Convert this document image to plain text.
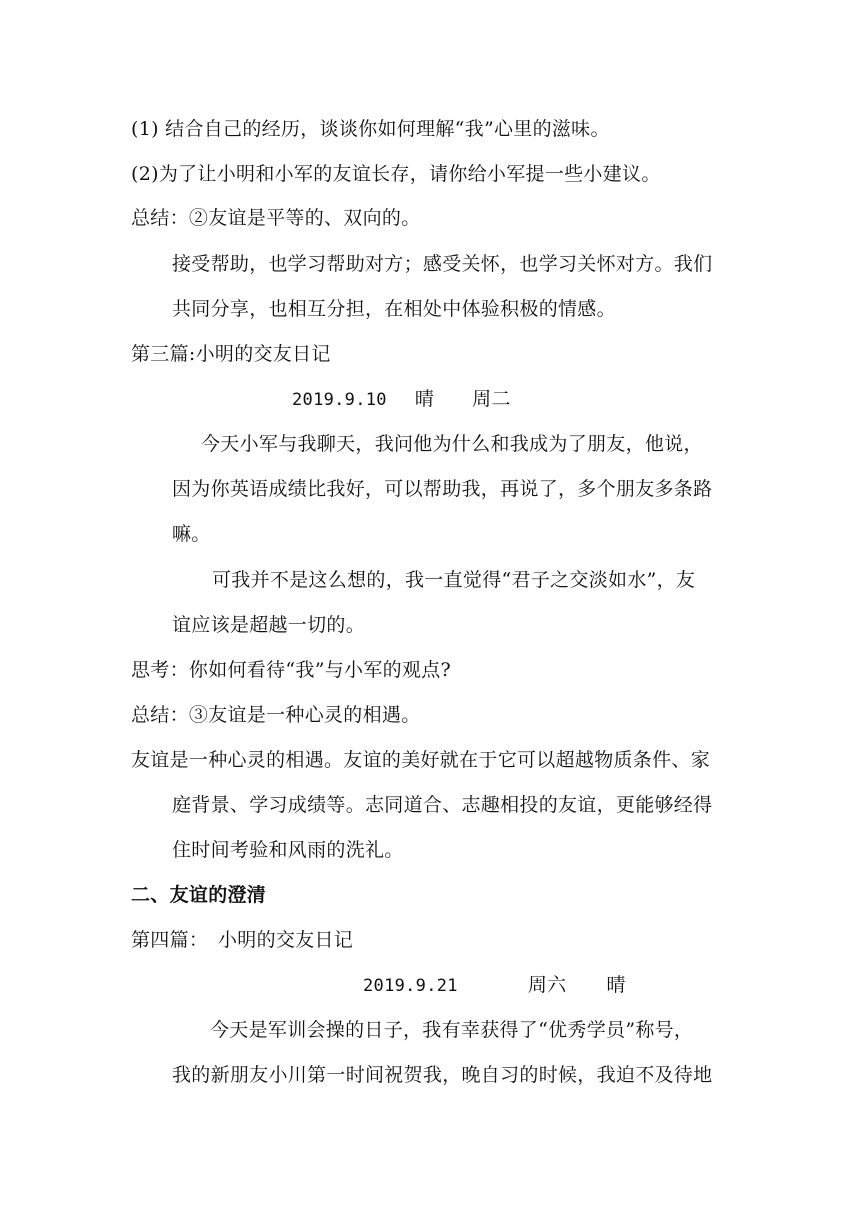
(1) 结合自己的经历，谈谈你如何理解“我”心里的滋味。
(2)为了让小明和小军的友谊长存，请你给小军提一些小建议。
总结：②友谊是平等的、双向的。
接受帮助，也学习帮助对方；感受关怀，也学习关怀对方。我们
共同分享，也相互分担，在相处中体验积极的情感。
第三篇:小明的交友日记
2019.9.10 晴 周二
今天小军与我聊天，我问他为什么和我成为了朋友，他说，
因为你英语成绩比我好，可以帮助我，再说了，多个朋友多条路
嘛。
可我并不是这么想的，我一直觉得“君子之交淡如水”，友
谊应该是超越一切的。
思考：你如何看待“我”与小军的观点?
总结：③友谊是一种心灵的相遇。
友谊是一种心灵的相遇。友谊的美好就在于它可以超越物质条件、家
庭背景、学习成绩等。志同道合、志趣相投的友谊，更能够经得
住时间考验和风雨的洗礼。
二、友谊的澄清
第四篇：　小明的交友日记
2019.9.21	周六 晴
今天是军训会操的日子，我有幸获得了“优秀学员”称号，
我的新朋友小川第一时间祝贺我，晚自习的时候，我迫不及待地
